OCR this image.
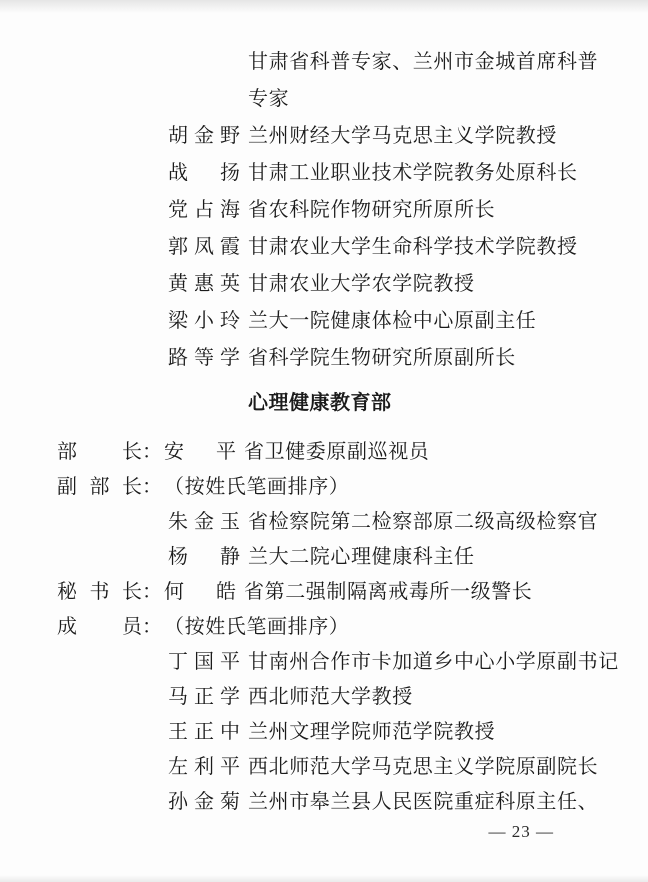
甘肃省科普专家、兰州市金城首席科普
专家
胡金野 兰州财经大学马克思主义学院教授
战　扬 甘肃工业职业技术学院教务处原科长
党占海 省农科院作物研究所原所长
郭凤霞 甘肃农业大学生命科学技术学院教授
黄惠英 甘肃农业大学农学院教授
梁小玲 兰大一院健康体检中心原副主任
路等学 省科学院生物研究所原副所长
心理健康教育部
部长 ： 安　平 省卫健委原副巡视员
副部长 ： （按姓氏笔画排序）
朱金玉 省检察院第二检察部原二级高级检察官
杨　静 兰大二院心理健康科主任
秘书长 ： 何　皓 省第二强制隔离戒毒所一级警长
成员 ： （按姓氏笔画排序）
丁国平 甘南州合作市卡加道乡中心小学原副书记
马正学 西北师范大学教授
王正中 兰州文理学院师范学院教授
左利平 西北师范大学马克思主义学院原副院长
孙金菊 兰州市皋兰县人民医院重症科原主任、
— 23 —
